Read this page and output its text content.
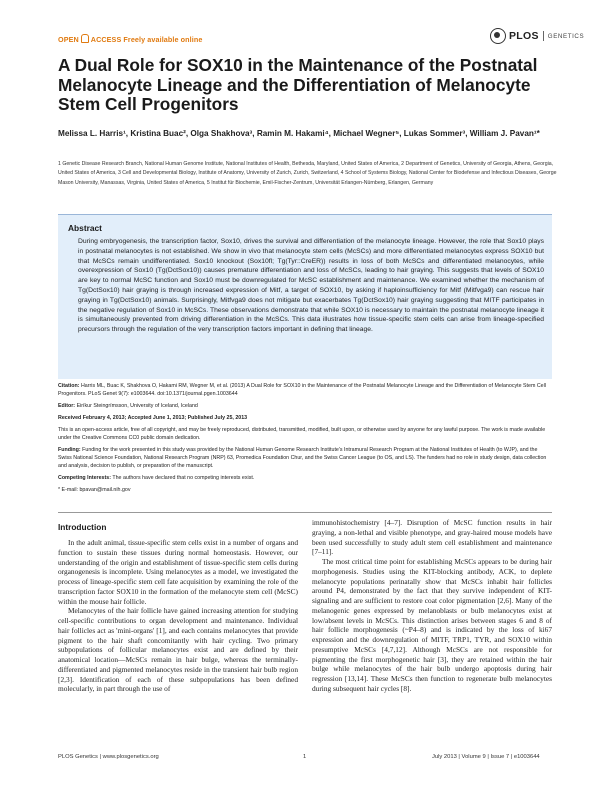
OPEN ACCESS Freely available online	PLOS GENETICS
A Dual Role for SOX10 in the Maintenance of the Postnatal Melanocyte Lineage and the Differentiation of Melanocyte Stem Cell Progenitors
Melissa L. Harris¹, Kristina Buac², Olga Shakhova³, Ramin M. Hakami⁴, Michael Wegner⁵, Lukas Sommer³, William J. Pavan¹*
1 Genetic Disease Research Branch, National Human Genome Institute, National Institutes of Health, Bethesda, Maryland, United States of America, 2 Department of Genetics, University of Georgia, Athens, Georgia, United States of America, 3 Cell and Developmental Biology, Institute of Anatomy, University of Zurich, Zurich, Switzerland, 4 School of Systems Biology, National Center for Biodefense and Infectious Diseases, George Mason University, Manassas, Virginia, United States of America, 5 Institut für Biochemie, Emil-Fischer-Zentrum, Universität Erlangen-Nürnberg, Erlangen, Germany
Abstract

During embryogenesis, the transcription factor, Sox10, drives the survival and differentiation of the melanocyte lineage. However, the role that Sox10 plays in postnatal melanocytes is not established. We show in vivo that melanocyte stem cells (McSCs) and more differentiated melanocytes express SOX10 but that McSCs remain undifferentiated. Sox10 knockout (Sox10fl; Tg(Tyr::CreER)) results in loss of both McSCs and differentiated melanocytes, while overexpression of Sox10 (Tg(DctSox10)) causes premature differentiation and loss of McSCs, leading to hair graying. This suggests that levels of SOX10 are key to normal McSC function and Sox10 must be downregulated for McSC establishment and maintenance. We examined whether the mechanism of Tg(DctSox10) hair graying is through increased expression of Mitf, a target of SOX10, by asking if haploinsufficiency for Mitf (Mitfvga9) can rescue hair graying in Tg(DctSox10) animals. Surprisingly, Mitfvga9 does not mitigate but exacerbates Tg(DctSox10) hair graying suggesting that MITF participates in the negative regulation of Sox10 in McSCs. These observations demonstrate that while SOX10 is necessary to maintain the postnatal melanocyte lineage it is simultaneously prevented from driving differentiation in the McSCs. This data illustrates how tissue-specific stem cells can arise from lineage-specified precursors through the regulation of the very transcription factors important in defining that lineage.

Citation: Harris ML, Buac K, Shakhova O, Hakami RM, Wegner M, et al. (2013) A Dual Role for SOX10 in the Maintenance of the Postnatal Melanocyte Lineage and the Differentiation of Melanocyte Stem Cell Progenitors. PLoS Genet 9(7): e1003644. doi:10.1371/journal.pgen.1003644
Editor: Eiríkur Steingrímsson, University of Iceland, Iceland
Received February 4, 2013; Accepted June 1, 2013; Published July 25, 2013
This is an open-access article, free of all copyright, and may be freely reproduced, distributed, transmitted, modified, built upon, or otherwise used by anyone for any lawful purpose. The work is made available under the Creative Commons CC0 public domain dedication.
Funding: Funding for the work presented in this study was provided by the National Human Genome Research Institute's Intramural Research Program at the National Institutes of Health (to WJP), and the Swiss National Science Foundation, National Research Program (NRP) 63, Promedica Foundation Chur, and the Swiss Cancer League (to OS, and LS). The funders had no role in study design, data collection and analysis, decision to publish, or preparation of the manuscript.
Competing Interests: The authors have declared that no competing interests exist.
* E-mail: bpavan@mail.nih.gov
Introduction

In the adult animal, tissue-specific stem cells exist in a number of organs and function to sustain these tissues during normal homeostasis. However, our understanding of the origin and establishment of tissue-specific stem cells during organogenesis is incomplete. Using melanocytes as a model, we investigated the process of lineage-specific stem cell fate acquisition by examining the role of the transcription factor SOX10 in the formation of the melanocyte stem cell (McSC) within the mouse hair follicle.

Melanocytes of the hair follicle have gained increasing attention for studying cell-specific contributions to organ development and maintenance. Individual hair follicles act as 'mini-organs' [1], and each contains melanocytes that provide pigment to the hair shaft concomitantly with hair cycling. Two primary subpopulations of follicular melanocytes exist and are defined by their anatomical location—McSCs remain in hair bulge, whereas the terminally-differentiated and pigmented melanocytes reside in the transient hair bulb region [2,3]. Identification of each of these subpopulations has been defined molecularly, in part through the use of

immunohistochemistry [4–7]. Disruption of McSC function results in hair graying, a non-lethal and visible phenotype, and gray-haired mouse models have been used successfully to study adult stem cell establishment and maintenance [7–11].

The most critical time point for establishing McSCs appears to be during hair morphogenesis. Studies using the KIT-blocking antibody, ACK, to deplete melanocyte populations perinatally show that McSCs inhabit hair follicles around P4, demonstrated by the fact that they survive independent of KIT-signaling and are sufficient to restore coat color pigmentation [2,6]. Many of the melanogenic genes expressed by melanoblasts or bulb melanocytes exist at low/absent levels in McSCs. This distinction arises between stages 6 and 8 of hair follicle morphogenesis (~P4–8) and is indicated by the loss of ki67 expression and the downregulation of MITF, TRP1, TYR, and SOX10 within presumptive McSCs [4,7,12]. Although McSCs are not responsible for pigmenting the first morphogenetic hair [3], they are retained within the hair bulge while melanocytes of the hair bulb undergo apoptosis during hair regression [13,14]. These McSCs then function to regenerate bulb melanocytes during subsequent hair cycles [8].

PLOS Genetics | www.plosgenetics.org	1	July 2013 | Volume 9 | Issue 7 | e1003644
